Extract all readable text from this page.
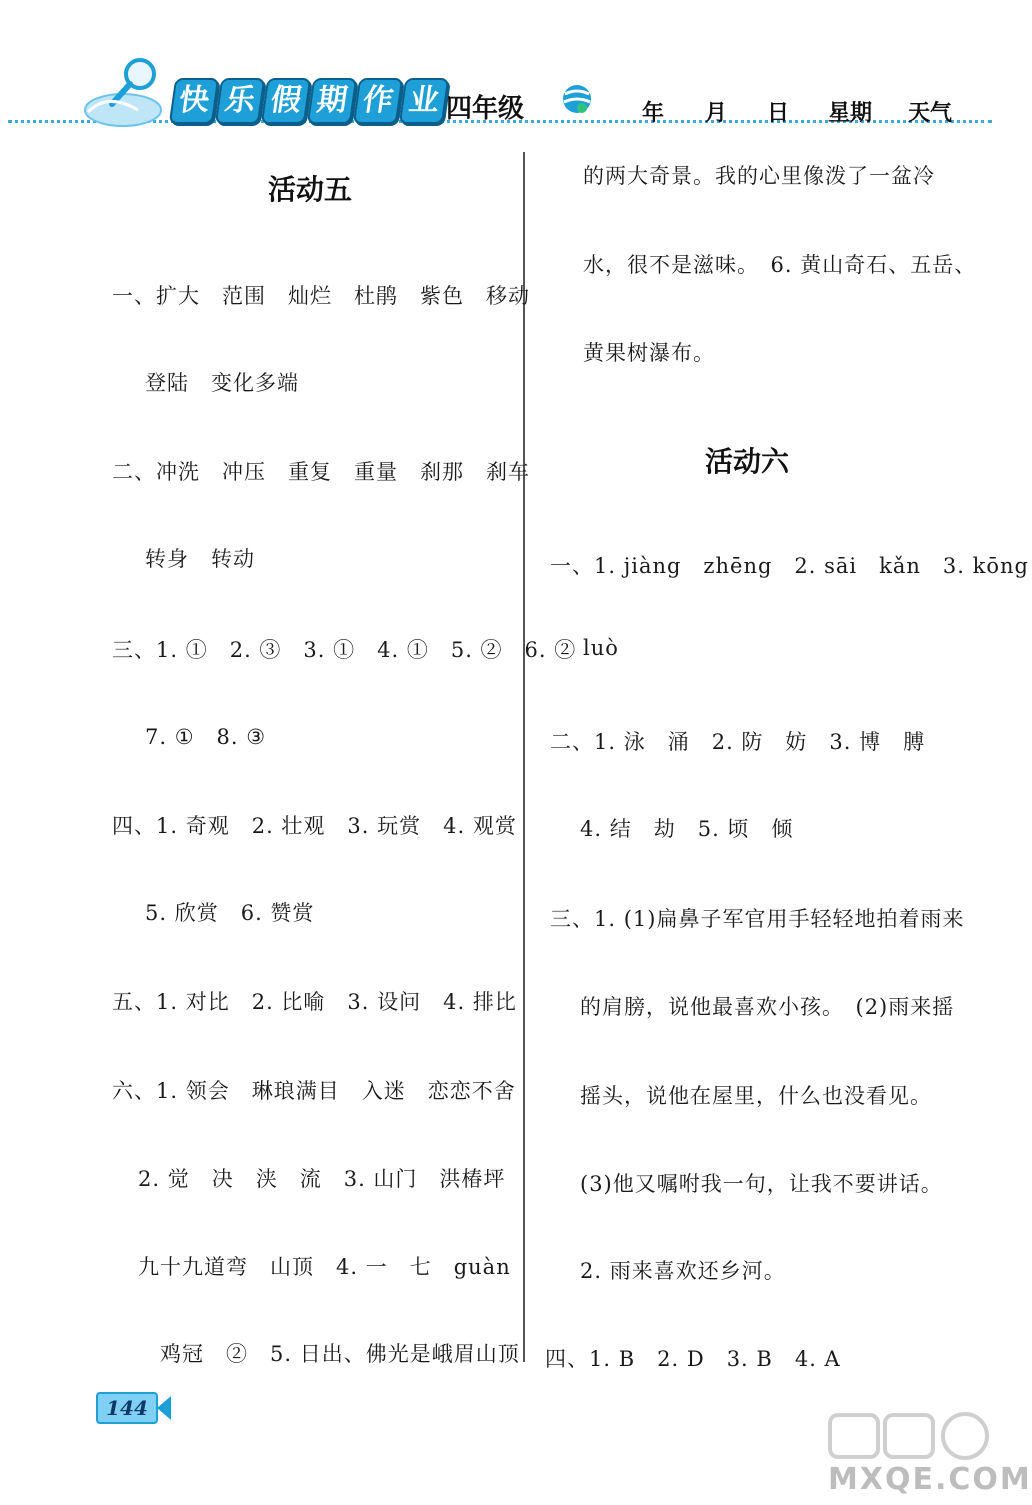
快 乐 假 期 作 业 四年级	年 月 日 星期 天气
活动五
一、扩大　范围　灿烂　杜鹃　紫色　移动
登陆　变化多端
二、冲洗　冲压　重复　重量　刹那　刹车
转身　转动
三、1. ①　2. ③　3. ①　4. ①　5. ②　6. ②
7. ①　8. ③
四、1. 奇观　2. 壮观　3. 玩赏　4. 观赏
5. 欣赏　6. 赞赏
五、1. 对比　2. 比喻　3. 设问　4. 排比
六、1. 领会　琳琅满目　入迷　恋恋不舍
2. 觉　决　浃　流　3. 山门　洪椿坪
九十九道弯　山顶　4. 一　七　guàn
鸡冠　②　5. 日出、佛光是峨眉山顶
的两大奇景。我的心里像泼了一盆冷
水，很不是滋味。　6. 黄山奇石、五岳、
黄果树瀑布。
活动六
一、1. jiàng　zhēng　2. sāi　kǎn　3. kōng
luò
二、1. 泳　涌　2. 防　妨　3. 博　膊
4. 结　劫　5. 顷　倾
三、1. (1)扁鼻子军官用手轻轻地拍着雨来
的肩膀，说他最喜欢小孩。　(2)雨来摇
摇头，说他在屋里，什么也没看见。
(3)他又嘱咐我一句，让我不要讲话。
2. 雨来喜欢还乡河。
四、1. B　2. D　3. B　4. A
144
MXQE.COM
